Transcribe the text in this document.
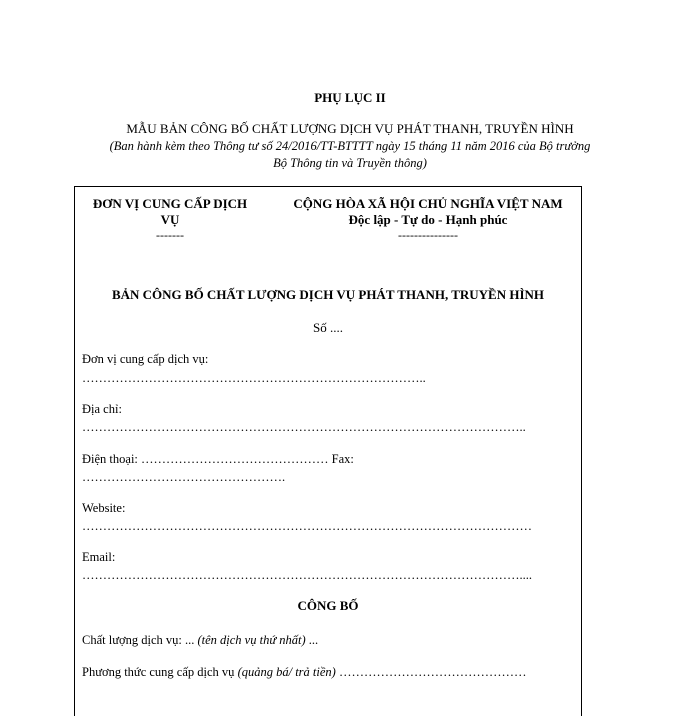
PHỤ LỤC II
MẪU BẢN CÔNG BỐ CHẤT LƯỢNG DỊCH VỤ PHÁT THANH, TRUYỀN HÌNH
(Ban hành kèm theo Thông tư số 24/2016/TT-BTTTT ngày 15 tháng 11 năm 2016 của Bộ trưởng
Bộ Thông tin và Truyền thông)
ĐƠN VỊ CUNG CẤP DỊCH
VỤ
-------
CỘNG HÒA XÃ HỘI CHỦ NGHĨA VIỆT NAM
Độc lập - Tự do - Hạnh phúc
---------------
BẢN CÔNG BỐ CHẤT LƯỢNG DỊCH VỤ PHÁT THANH, TRUYỀN HÌNH
Số ....
Đơn vị cung cấp dịch vụ:
………………………………………………………………………..
Địa chỉ:
……………………………………………………………………………………………..
Điện thoại: ……………………………………… Fax:
………………………………………….
Website:
………………………………………………………………………………………………
Email:
……………………………………………………………………………………………....
CÔNG BỐ
Chất lượng dịch vụ: ... (tên dịch vụ thứ nhất) ...
Phương thức cung cấp dịch vụ (quảng bá/ trả tiền) ………………………………………
